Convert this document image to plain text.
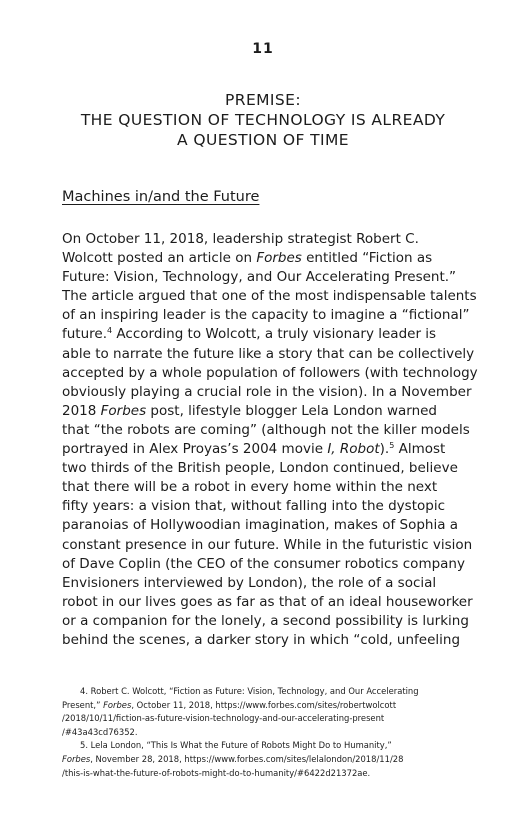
11
PREMISE:
THE QUESTION OF TECHNOLOGY IS ALREADY
A QUESTION OF TIME
Machines in/and the Future
On October 11, 2018, leadership strategist Robert C.
Wolcott posted an article on Forbes entitled “Fiction as
Future: Vision, Technology, and Our Accelerating Present.”
The article argued that one of the most indispensable talents
of an inspiring leader is the capacity to imagine a “fictional”
future.$^4$ According to Wolcott, a truly visionary leader is
able to narrate the future like a story that can be collectively
accepted by a whole population of followers (with technology
obviously playing a crucial role in the vision). In a November
2018 Forbes post, lifestyle blogger Lela London warned
that “the robots are coming” (although not the killer models
portrayed in Alex Proyas’s 2004 movie I, Robot).$^5$ Almost
two thirds of the British people, London continued, believe
that there will be a robot in every home within the next
fifty years: a vision that, without falling into the dystopic
paranoias of Hollywoodian imagination, makes of Sophia a
constant presence in our future. While in the futuristic vision
of Dave Coplin (the CEO of the consumer robotics company
Envisioners interviewed by London), the role of a social
robot in our lives goes as far as that of an ideal houseworker
or a companion for the lonely, a second possibility is lurking
behind the scenes, a darker story in which “cold, unfeeling
4. Robert C. Wolcott, “Fiction as Future: Vision, Technology, and Our Accelerating
Present,” Forbes, October 11, 2018, https://www.forbes.com/sites/robertwolcott
/2018/10/11/fiction-as-future-vision-technology-and-our-accelerating-present
/#43a43cd76352.
5. Lela London, “This Is What the Future of Robots Might Do to Humanity,”
Forbes, November 28, 2018, https://www.forbes.com/sites/lelalondon/2018/11/28
/this-is-what-the-future-of-robots-might-do-to-humanity/#6422d21372ae.
